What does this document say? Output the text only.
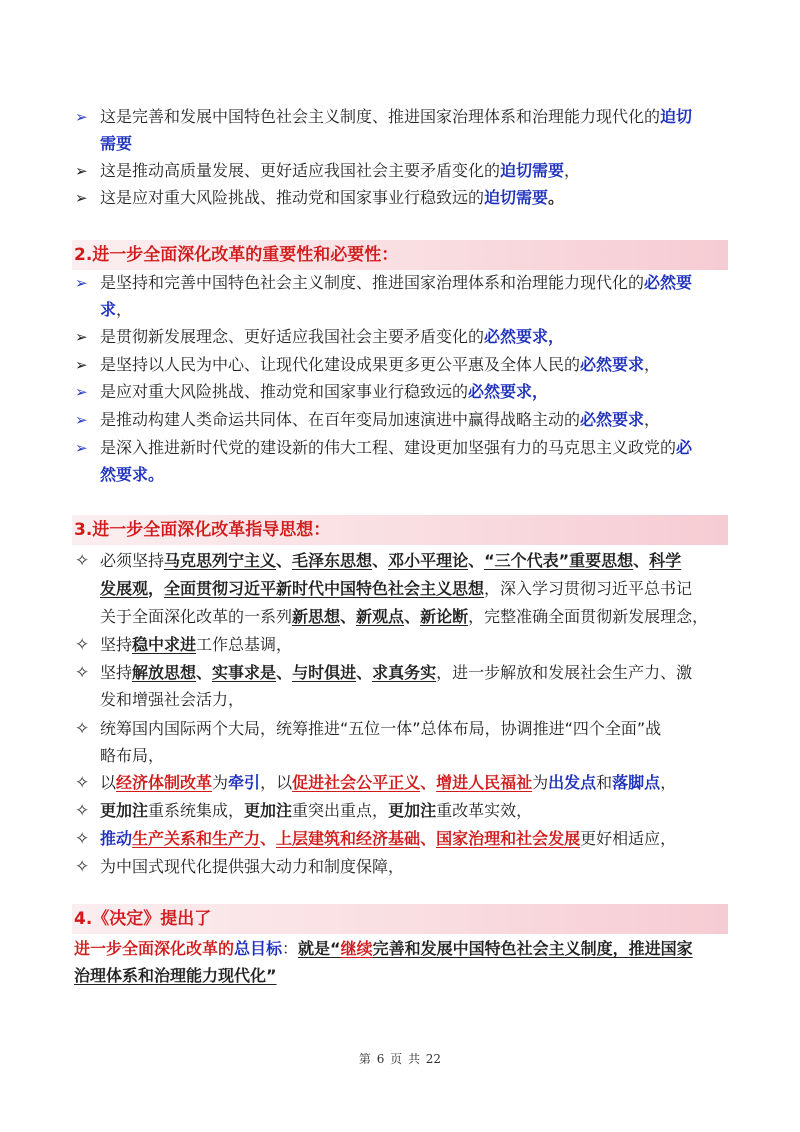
➢ 这是完善和发展中国特色社会主义制度、推进国家治理体系和治理能力现代化的迫切
需要
➢ 这是推动高质量发展、更好适应我国社会主要矛盾变化的迫切需要，
➢ 这是应对重大风险挑战、推动党和国家事业行稳致远的迫切需要。
2.进一步全面深化改革的重要性和必要性：
➢ 是坚持和完善中国特色社会主义制度、推进国家治理体系和治理能力现代化的必然要
求，
➢ 是贯彻新发展理念、更好适应我国社会主要矛盾变化的必然要求，
➢ 是坚持以人民为中心、让现代化建设成果更多更公平惠及全体人民的必然要求，
➢ 是应对重大风险挑战、推动党和国家事业行稳致远的必然要求，
➢ 是推动构建人类命运共同体、在百年变局加速演进中赢得战略主动的必然要求，
➢ 是深入推进新时代党的建设新的伟大工程、建设更加坚强有力的马克思主义政党的必
然要求。
3.进一步全面深化改革指导思想：
✧ 必须坚持马克思列宁主义、毛泽东思想、邓小平理论、“三个代表”重要思想、科学
发展观，全面贯彻习近平新时代中国特色社会主义思想，深入学习贯彻习近平总书记
关于全面深化改革的一系列新思想、新观点、新论断，完整准确全面贯彻新发展理念，
✧ 坚持稳中求进工作总基调，
✧ 坚持解放思想、实事求是、与时俱进、求真务实，进一步解放和发展社会生产力、激
发和增强社会活力，
✧ 统筹国内国际两个大局，统筹推进“五位一体”总体布局，协调推进“四个全面”战
略布局，
✧ 以经济体制改革为牵引，以促进社会公平正义、增进人民福祉为出发点和落脚点，
✧ 更加注重系统集成，更加注重突出重点，更加注重改革实效，
✧ 推动生产关系和生产力、上层建筑和经济基础、国家治理和社会发展更好相适应，
✧ 为中国式现代化提供强大动力和制度保障，
4.《决定》提出了
进一步全面深化改革的总目标：就是“继续完善和发展中国特色社会主义制度，推进国家
治理体系和治理能力现代化”
第 6 页 共 22
